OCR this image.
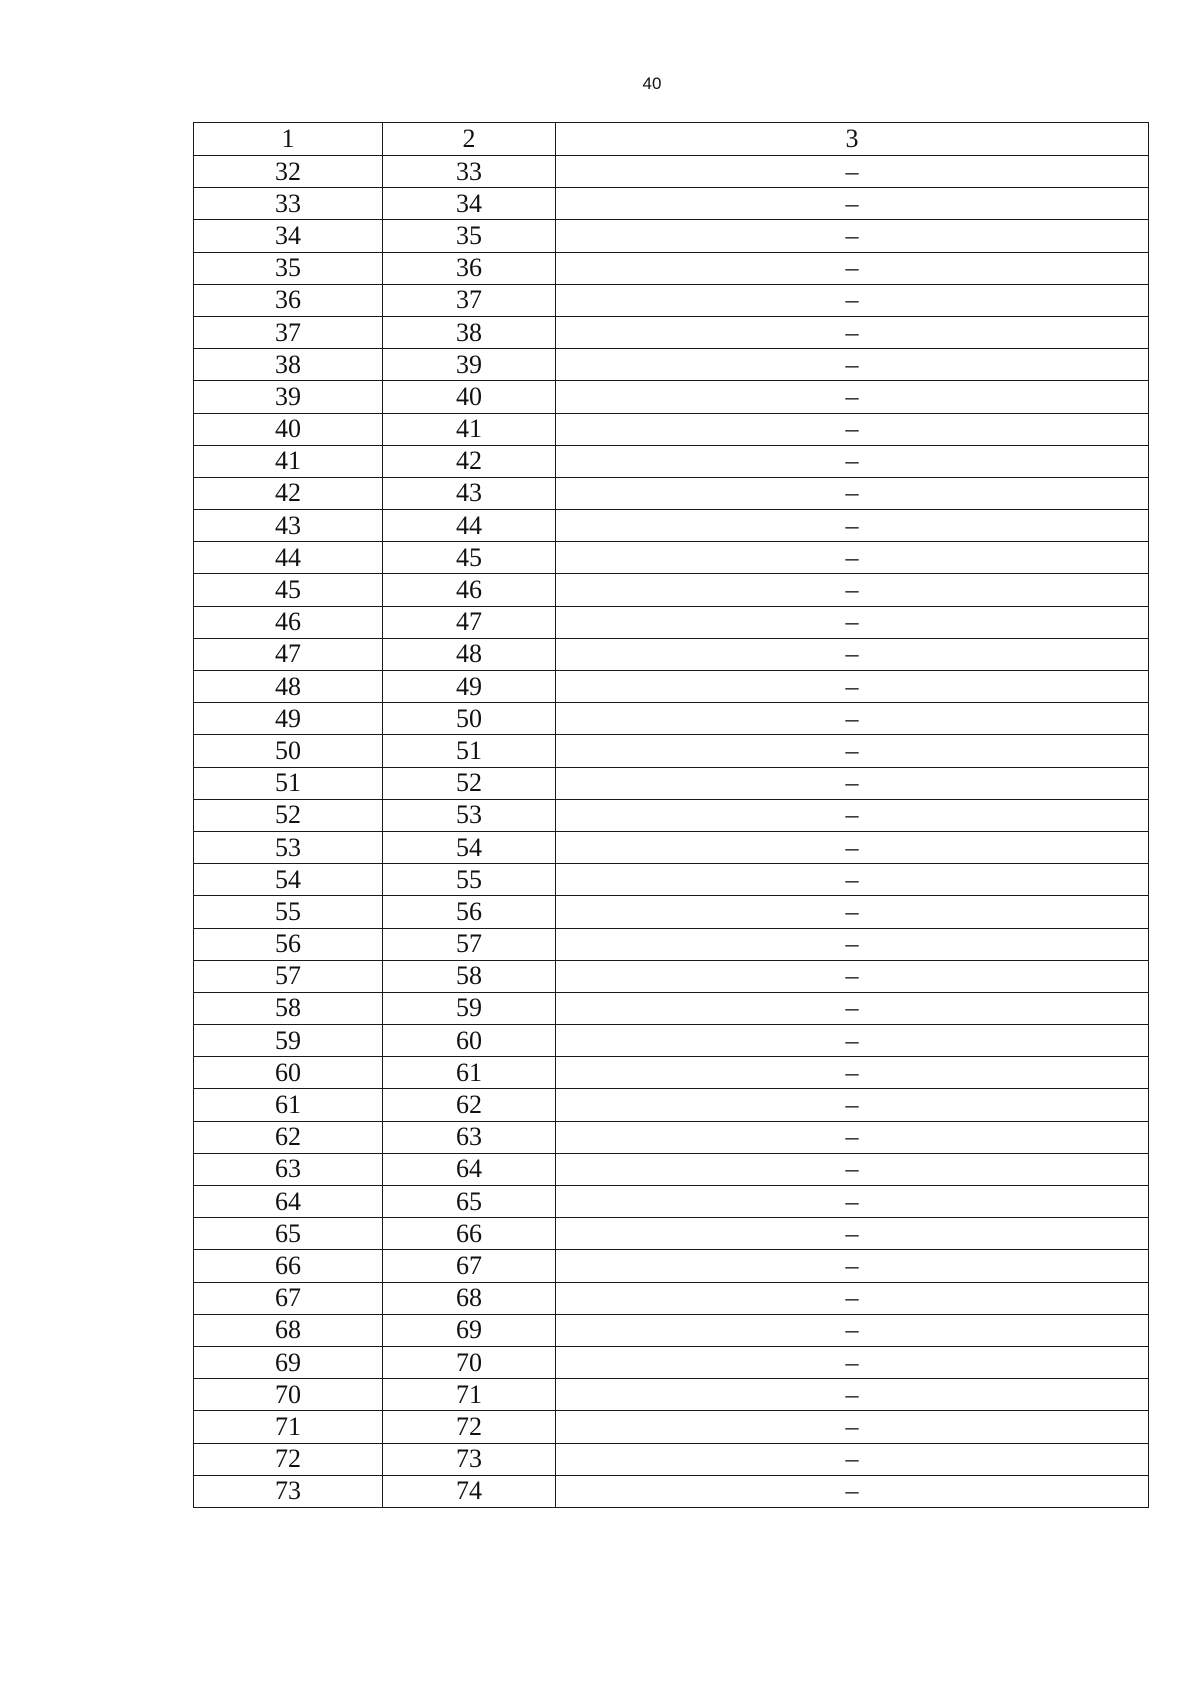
40
1	2	3
32	33	–
33	34	–
34	35	–
35	36	–
36	37	–
37	38	–
38	39	–
39	40	–
40	41	–
41	42	–
42	43	–
43	44	–
44	45	–
45	46	–
46	47	–
47	48	–
48	49	–
49	50	–
50	51	–
51	52	–
52	53	–
53	54	–
54	55	–
55	56	–
56	57	–
57	58	–
58	59	–
59	60	–
60	61	–
61	62	–
62	63	–
63	64	–
64	65	–
65	66	–
66	67	–
67	68	–
68	69	–
69	70	–
70	71	–
71	72	–
72	73	–
73	74	–
